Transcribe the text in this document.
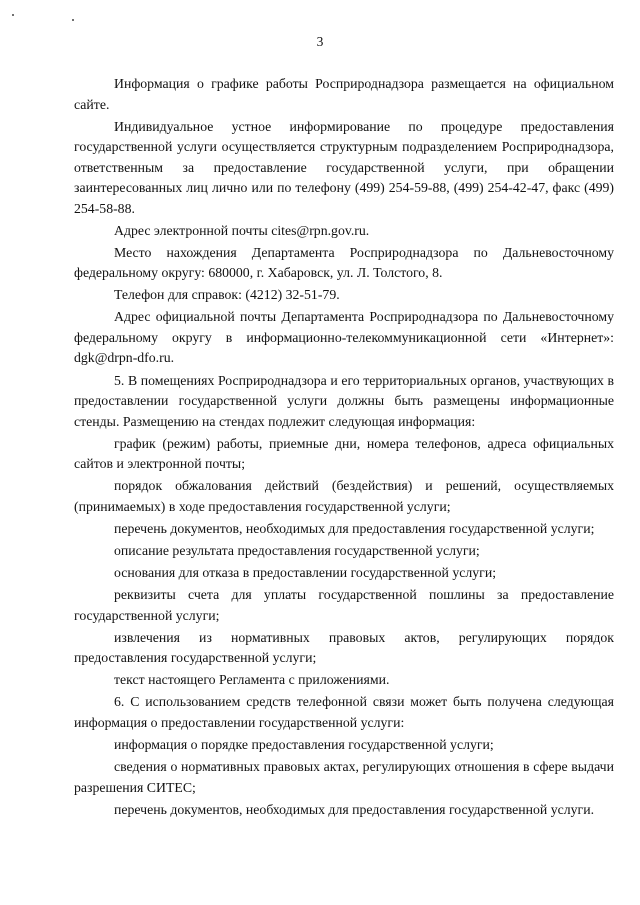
3

Информация о графике работы Росприроднадзора размещается на официальном сайте.

Индивидуальное устное информирование по процедуре предоставления государственной услуги осуществляется структурным подразделением Росприроднадзора, ответственным за предоставление государственной услуги, при обращении заинтересованных лиц лично или по телефону (499) 254-59-88, (499) 254-42-47, факс (499) 254-58-88.

Адрес электронной почты cites@rpn.gov.ru.

Место нахождения Департамента Росприроднадзора по Дальневосточному федеральному округу: 680000, г. Хабаровск, ул. Л. Толстого, 8.

Телефон для справок: (4212) 32-51-79.

Адрес официальной почты Департамента Росприроднадзора по Дальневосточному федеральному округу в информационно-телекоммуникационной сети «Интернет»: dgk@drpn-dfo.ru.

5. В помещениях Росприроднадзора и его территориальных органов, участвующих в предоставлении государственной услуги должны быть размещены информационные стенды. Размещению на стендах подлежит следующая информация:

график (режим) работы, приемные дни, номера телефонов, адреса официальных сайтов и электронной почты;

порядок обжалования действий (бездействия) и решений, осуществляемых (принимаемых) в ходе предоставления государственной услуги;

перечень документов, необходимых для предоставления государственной услуги;

описание результата предоставления государственной услуги;

основания для отказа в предоставлении государственной услуги;

реквизиты счета для уплаты государственной пошлины за предоставление государственной услуги;

извлечения из нормативных правовых актов, регулирующих порядок предоставления государственной услуги;

текст настоящего Регламента с приложениями.

6. С использованием средств телефонной связи может быть получена следующая информация о предоставлении государственной услуги:

информация о порядке предоставления государственной услуги;

сведения о нормативных правовых актах, регулирующих отношения в сфере выдачи разрешения СИТЕС;

перечень документов, необходимых для предоставления государственной услуги.
